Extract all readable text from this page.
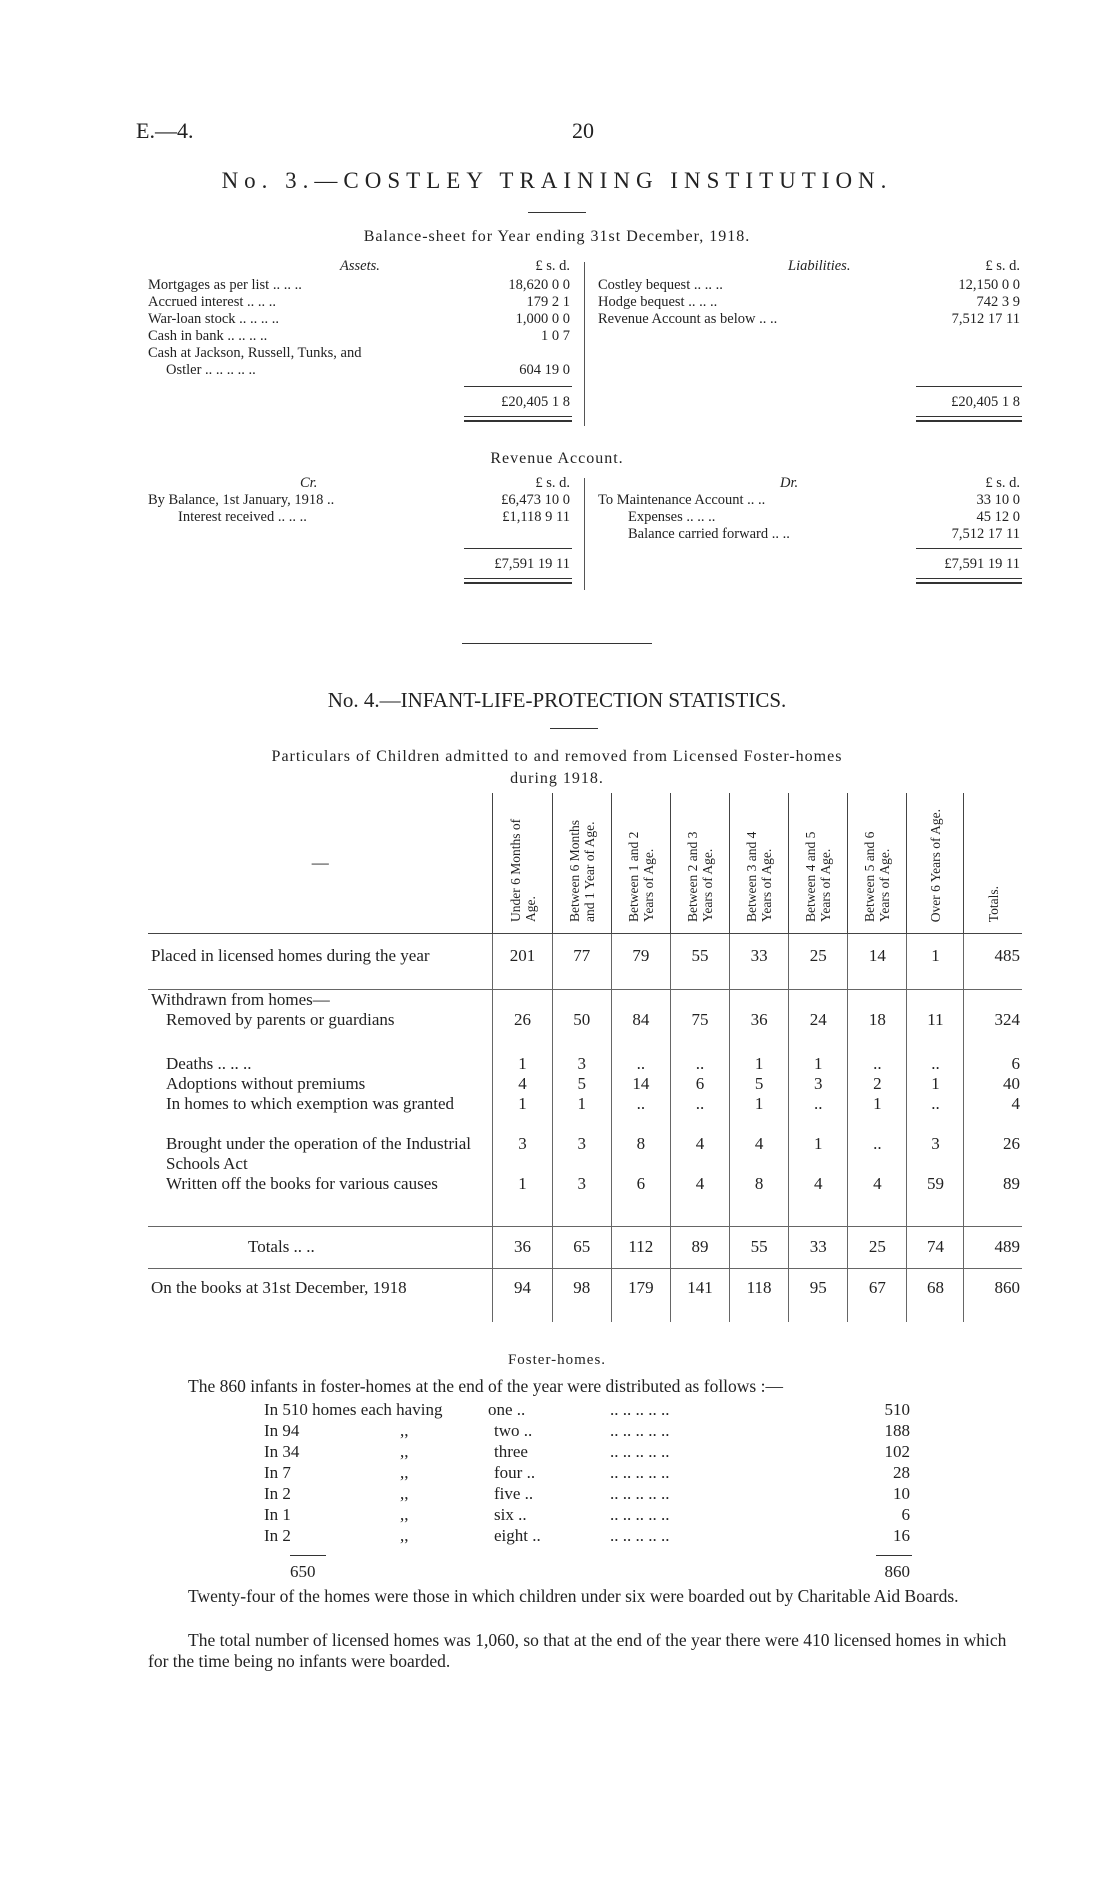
E.—4.	20
No. 3.—COSTLEY TRAINING INSTITUTION.
Balance-sheet for Year ending 31st December, 1918.
Assets.	£ s. d.	Liabilities.	£ s. d.
Mortgages as per list .. .. ..	18,620 0 0
Accrued interest .. .. ..	179 2 1
War-loan stock .. .. .. ..	1,000 0 0
Cash in bank .. .. .. ..	1 0 7
Cash at Jackson, Russell, Tunks, and
Ostler .. .. .. .. ..	604 19 0
£20,405 1 8
Costley bequest .. .. ..	12,150 0 0
Hodge bequest .. .. ..	742 3 9
Revenue Account as below .. ..	7,512 17 11
£20,405 1 8
Revenue Account.
Cr.	£ s. d.	Dr.	£ s. d.
By Balance, 1st January, 1918 ..	£6,473 10 0
Interest received .. .. ..	£1,118 9 11
£7,591 19 11
To Maintenance Account .. ..	33 10 0
Expenses .. .. ..	45 12 0
Balance carried forward .. ..	7,512 17 11
£7,591 19 11
No. 4.—INFANT-LIFE-PROTECTION STATISTICS.
Particulars of Children admitted to and removed from Licensed Foster-homes
during 1918.
—	Under 6 Months of Age.	Between 6 Months and 1 Year of Age.	Between 1 and 2 Years of Age.	Between 2 and 3 Years of Age.	Between 3 and 4 Years of Age.	Between 4 and 5 Years of Age.	Between 5 and 6 Years of Age.	Over 6 Years of Age.	Totals.

Placed in licensed homes during the year	201	77	79	55	33	25	14	1	485
Withdrawn from homes—									
Removed by parents or guardians	26	50	84	75	36	24	18	11	324
Deaths .. .. ..	1	3	..	..	1	1	..	..	6
Adoptions without premiums	4	5	14	6	5	3	2	1	40
In homes to which exemption was granted	1	1	..	..	1	..	1	..	4
Brought under the operation of the Industrial Schools Act	3	3	8	4	4	1	..	3	26
Written off the books for various causes	1	3	6	4	8	4	4	59	89
Totals .. ..	36	65	112	89	55	33	25	74	489

On the books at 31st December, 1918	94	98	179	141	118	95	67	68	860
Foster-homes.
The 860 infants in foster-homes at the end of the year were distributed as follows :—
In 510 homes each having	one ..	.. .. .. .. ..	510
In 94	,,	two ..	.. .. .. .. ..	188
In 34	,,	three	.. .. .. .. ..	102
In 7	,,	four ..	.. .. .. .. ..	28
In 2	,,	five ..	.. .. .. .. ..	10
In 1	,,	six ..	.. .. .. .. ..	6
In 2	,,	eight ..	.. .. .. .. ..	16
650	860
Twenty-four of the homes were those in which children under six were boarded out by Charitable Aid Boards.
The total number of licensed homes was 1,060, so that at the end of the year there were 410 licensed homes in which for the time being no infants were boarded.
